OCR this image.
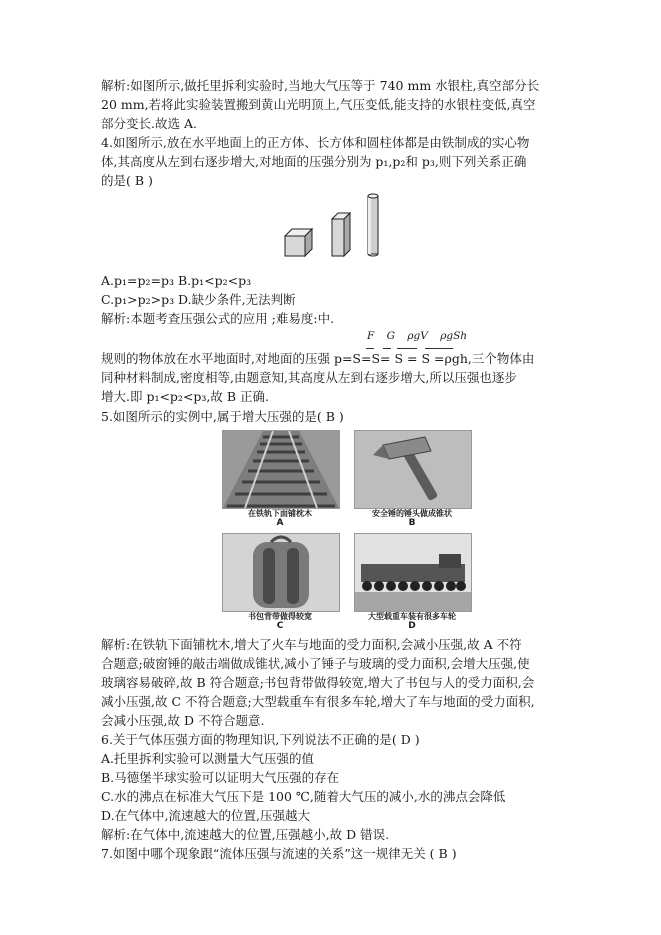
解析:如图所示,做托里拆利实验时,当地大气压等于 740 mm 水银柱,真空部分长

20 mm,若将此实验装置搬到黄山光明顶上,气压变低,能支持的水银柱变低,真空

部分变长.故选 A.

4.如图所示,放在水平地面上的正方体、长方体和圆柱体都是由铁制成的实心物

体,其高度从左到右逐步增大,对地面的压强分别为 p₁,p₂和 p₃,则下列关系正确

的是( B )

A.p₁=p₂=p₃ B.p₁<p₂<p₃

C.p₁>p₂>p₃ D.缺少条件,无法判断

解析:本题考查压强公式的应用 ;难易度:中.

F G ρgV ρgSh

规则的物体放在水平地面时,对地面的压强 p=S=S= S = S =ρgh,三个物体由

同种材料制成,密度相等,由题意知,其高度从左到右逐步增大,所以压强也逐步

增大.即 p₁<p₂<p₃,故 B 正确.

5.如图所示的实例中,属于增大压强的是( B )

在铁轨下面铺枕木
A
安全锤的锤头做成锥状
B
书包背带做得较宽
C
大型载重车装有很多车轮
D

解析:在铁轨下面铺枕木,增大了火车与地面的受力面积,会减小压强,故 A 不符

合题意;破窗锤的敲击端做成锥状,减小了锤子与玻璃的受力面积,会增大压强,使

玻璃容易破碎,故 B 符合题意;书包背带做得较宽,增大了书包与人的受力面积,会

减小压强,故 C 不符合题意;大型载重车有很多车轮,增大了车与地面的受力面积,

会减小压强,故 D 不符合题意.

6.关于气体压强方面的物理知识,下列说法不正确的是( D )

A.托里拆利实验可以测量大气压强的值

B.马德堡半球实验可以证明大气压强的存在

C.水的沸点在标准大气压下是 100 ℃,随着大气压的减小,水的沸点会降低

D.在气体中,流速越大的位置,压强越大

解析:在气体中,流速越大的位置,压强越小,故 D 错误.

7.如图中哪个现象跟“流体压强与流速的关系”这一规律无关 ( B )
